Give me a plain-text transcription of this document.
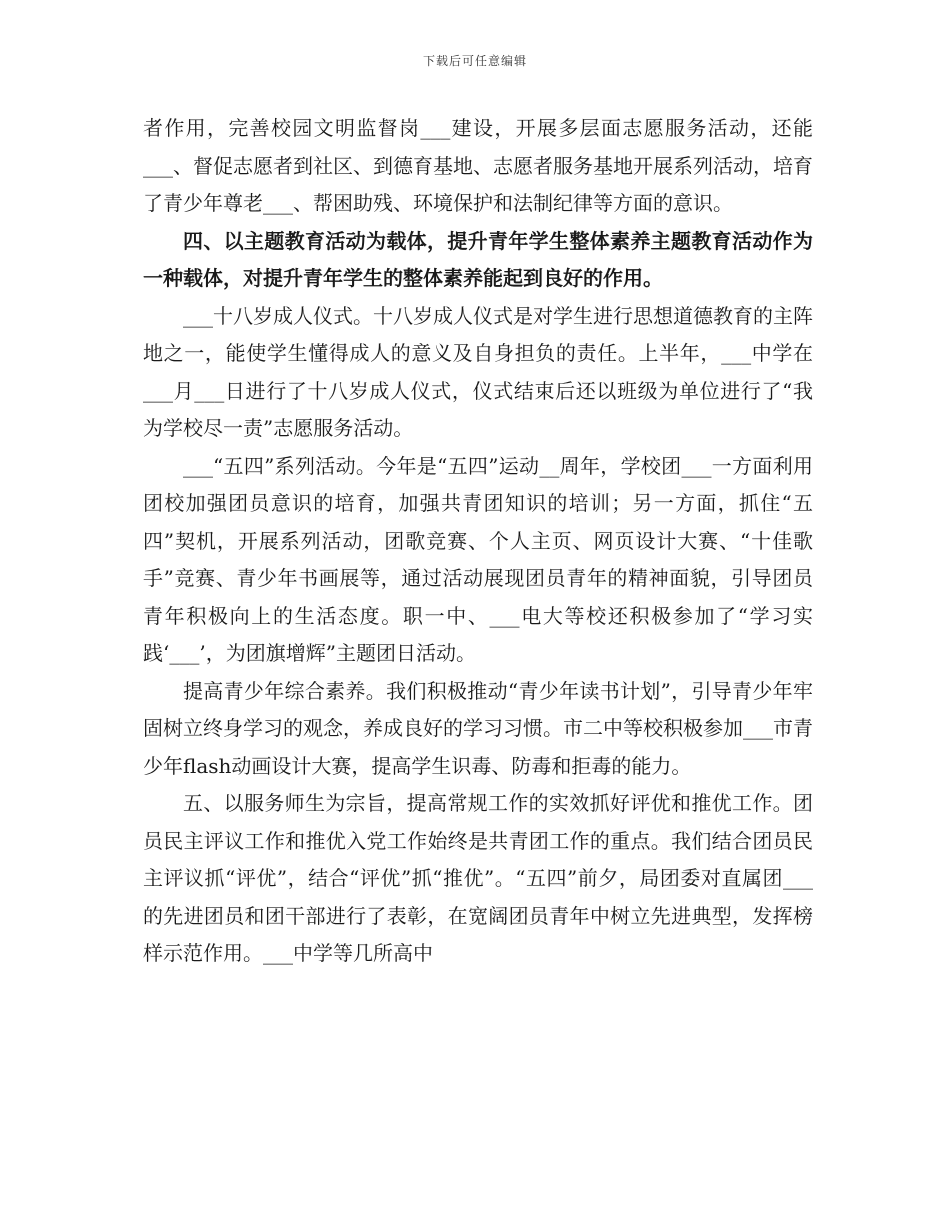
下载后可任意编辑

者作用，完善校园文明监督岗___建设，开展多层面志愿服务活动，还能___、督促志愿者到社区、到德育基地、志愿者服务基地开展系列活动，培育了青少年尊老___、帮困助残、环境保护和法制纪律等方面的意识。

四、以主题教育活动为载体，提升青年学生整体素养主题教育活动作为一种载体，对提升青年学生的整体素养能起到良好的作用。

___十八岁成人仪式。十八岁成人仪式是对学生进行思想道德教育的主阵地之一，能使学生懂得成人的意义及自身担负的责任。上半年，___中学在___月___日进行了十八岁成人仪式，仪式结束后还以班级为单位进行了“我为学校尽一责”志愿服务活动。

___“五四”系列活动。今年是“五四”运动__周年，学校团___一方面利用团校加强团员意识的培育，加强共青团知识的培训；另一方面，抓住“五四”契机，开展系列活动，团歌竞赛、个人主页、网页设计大赛、“十佳歌手”竞赛、青少年书画展等，通过活动展现团员青年的精神面貌，引导团员青年积极向上的生活态度。职一中、___电大等校还积极参加了“学习实践‘___’，为团旗增辉”主题团日活动。

提高青少年综合素养。我们积极推动“青少年读书计划”，引导青少年牢固树立终身学习的观念，养成良好的学习习惯。市二中等校积极参加___市青少年flash动画设计大赛，提高学生识毒、防毒和拒毒的能力。

五、以服务师生为宗旨，提高常规工作的实效抓好评优和推优工作。团员民主评议工作和推优入党工作始终是共青团工作的重点。我们结合团员民主评议抓“评优”，结合“评优”抓“推优”。“五四”前夕，局团委对直属团___的先进团员和团干部进行了表彰，在宽阔团员青年中树立先进典型，发挥榜样示范作用。___中学等几所高中
